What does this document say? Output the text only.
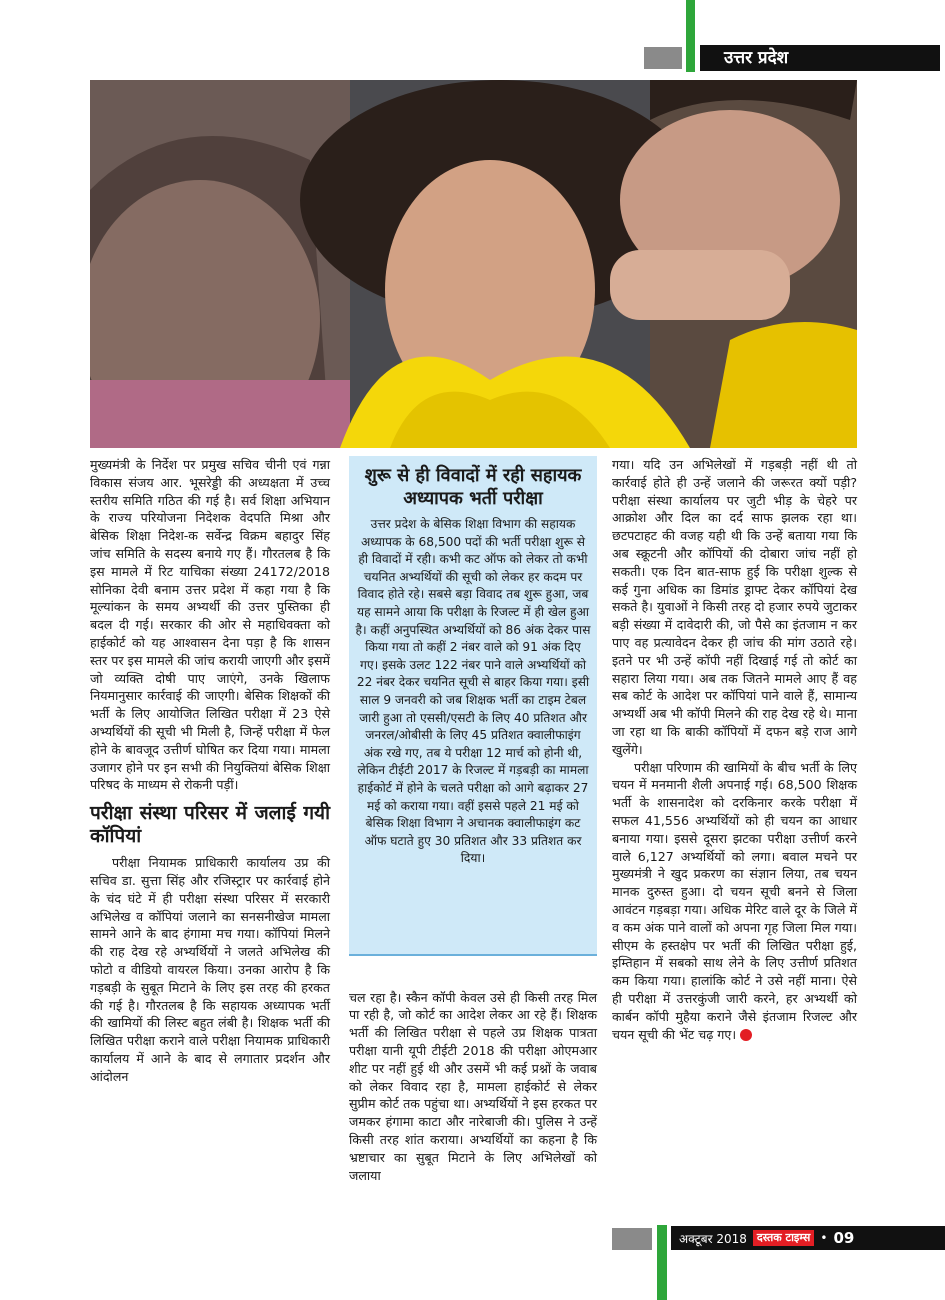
उत्तर प्रदेश

मुख्यमंत्री के निर्देश पर प्रमुख सचिव चीनी एवं गन्ना विकास संजय आर. भूसरेड्डी की अध्यक्षता में उच्च स्तरीय समिति गठित की गई है। सर्व शिक्षा अभियान के राज्य परियोजना निदेशक वेदपति मिश्रा और बेसिक शिक्षा निदेश-क सर्वेन्द्र विक्रम बहादुर सिंह जांच समिति के सदस्य बनाये गए हैं। गौरतलब है कि इस मामले में रिट याचिका संख्या 24172/2018 सोनिका देवी बनाम उत्तर प्रदेश में कहा गया है कि मूल्यांकन के समय अभ्यर्थी की उत्तर पुस्तिका ही बदल दी गई। सरकार की ओर से महाधिवक्ता को हाईकोर्ट को यह आश्वासन देना पड़ा है कि शासन स्तर पर इस मामले की जांच करायी जाएगी और इसमें जो व्यक्ति दोषी पाए जाएंगे, उनके खिलाफ नियमानुसार कार्रवाई की जाएगी। बेसिक शिक्षकों की भर्ती के लिए आयोजित लिखित परीक्षा में 23 ऐसे अभ्यर्थियों की सूची भी मिली है, जिन्हें परीक्षा में फेल होने के बावजूद उत्तीर्ण घोषित कर दिया गया। मामला उजागर होने पर इन सभी की नियुक्तियां बेसिक शिक्षा परिषद के माध्यम से रोकनी पड़ीं।

परीक्षा संस्था परिसर में जलाई गयी कॉपियां

परीक्षा नियामक प्राधिकारी कार्यालय उप्र की सचिव डा. सुत्ता सिंह और रजिस्ट्रार पर कार्रवाई होने के चंद घंटे में ही परीक्षा संस्था परिसर में सरकारी अभिलेख व कॉपियां जलाने का सनसनीखेज मामला सामने आने के बाद हंगामा मच गया। कॉपियां मिलने की राह देख रहे अभ्यर्थियों ने जलते अभिलेख की फोटो व वीडियो वायरल किया। उनका आरोप है कि गड़बड़ी के सुबूत मिटाने के लिए इस तरह की हरकत की गई है। गौरतलब है कि सहायक अध्यापक भर्ती की खामियों की लिस्ट बहुत लंबी है। शिक्षक भर्ती की लिखित परीक्षा कराने वाले परीक्षा नियामक प्राधिकारी कार्यालय में आने के बाद से लगातार प्रदर्शन और आंदोलन

शुरू से ही विवादों में रही सहायक अध्यापक भर्ती परीक्षा
उत्तर प्रदेश के बेसिक शिक्षा विभाग की सहायक अध्यापक के 68,500 पदों की भर्ती परीक्षा शुरू से ही विवादों में रही। कभी कट ऑफ को लेकर तो कभी चयनित अभ्यर्थियों की सूची को लेकर हर कदम पर विवाद होते रहे। सबसे बड़ा विवाद तब शुरू हुआ, जब यह सामने आया कि परीक्षा के रिजल्ट में ही खेल हुआ है। कहीं अनुपस्थित अभ्यर्थियों को 86 अंक देकर पास किया गया तो कहीं 2 नंबर वाले को 91 अंक दिए गए। इसके उलट 122 नंबर पाने वाले अभ्यर्थियों को 22 नंबर देकर चयनित सूची से बाहर किया गया। इसी साल 9 जनवरी को जब शिक्षक भर्ती का टाइम टेबल जारी हुआ तो एससी/एसटी के लिए 40 प्रतिशत और जनरल/ओबीसी के लिए 45 प्रतिशत क्वालीफाइंग अंक रखे गए, तब ये परीक्षा 12 मार्च को होनी थी, लेकिन टीईटी 2017 के रिजल्ट में गड़बड़ी का मामला हाईकोर्ट में होने के चलते परीक्षा को आगे बढ़ाकर 27 मई को कराया गया। वहीं इससे पहले 21 मई को बेसिक शिक्षा विभाग ने अचानक क्वालीफाइंग कट ऑफ घटाते हुए 30 प्रतिशत और 33 प्रतिशत कर दिया।

चल रहा है। स्कैन कॉपी केवल उसे ही किसी तरह मिल पा रही है, जो कोर्ट का आदेश लेकर आ रहे हैं। शिक्षक भर्ती की लिखित परीक्षा से पहले उप्र शिक्षक पात्रता परीक्षा यानी यूपी टीईटी 2018 की परीक्षा ओएमआर शीट पर नहीं हुई थी और उसमें भी कई प्रश्नों के जवाब को लेकर विवाद रहा है, मामला हाईकोर्ट से लेकर सुप्रीम कोर्ट तक पहुंचा था। अभ्यर्थियों ने इस हरकत पर जमकर हंगामा काटा और नारेबाजी की। पुलिस ने उन्हें किसी तरह शांत कराया। अभ्यर्थियों का कहना है कि भ्रष्टाचार का सुबूत मिटाने के लिए अभिलेखों को जलाया

गया। यदि उन अभिलेखों में गड़बड़ी नहीं थी तो कार्रवाई होते ही उन्हें जलाने की जरूरत क्यों पड़ी? परीक्षा संस्था कार्यालय पर जुटी भीड़ के चेहरे पर आक्रोश और दिल का दर्द साफ झलक रहा था। छटपटाहट की वजह यही थी कि उन्हें बताया गया कि अब स्क्रूटनी और कॉपियों की दोबारा जांच नहीं हो सकती। एक दिन बात-साफ हुई कि परीक्षा शुल्क से कई गुना अधिक का डिमांड ड्राफ्ट देकर कॉपियां देख सकते है। युवाओं ने किसी तरह दो हजार रुपये जुटाकर बड़ी संख्या में दावेदारी की, जो पैसे का इंतजाम न कर पाए वह प्रत्यावेदन देकर ही जांच की मांग उठाते रहे। इतने पर भी उन्हें कॉपी नहीं दिखाई गई तो कोर्ट का सहारा लिया गया। अब तक जितने मामले आए हैं वह सब कोर्ट के आदेश पर कॉपियां पाने वाले हैं, सामान्य अभ्यर्थी अब भी कॉपी मिलने की राह देख रहे थे। माना जा रहा था कि बाकी कॉपियों में दफन बड़े राज आगे खुलेंगे।

परीक्षा परिणाम की खामियों के बीच भर्ती के लिए चयन में मनमानी शैली अपनाई गई। 68,500 शिक्षक भर्ती के शासनादेश को दरकिनार करके परीक्षा में सफल 41,556 अभ्यर्थियों को ही चयन का आधार बनाया गया। इससे दूसरा झटका परीक्षा उत्तीर्ण करने वाले 6,127 अभ्यर्थियों को लगा। बवाल मचने पर मुख्यमंत्री ने खुद प्रकरण का संज्ञान लिया, तब चयन मानक दुरुस्त हुआ। दो चयन सूची बनने से जिला आवंटन गड़बड़ा गया। अधिक मेरिट वाले दूर के जिले में व कम अंक पाने वालों को अपना गृह जिला मिल गया। सीएम के हस्तक्षेप पर भर्ती की लिखित परीक्षा हुई, इम्तिहान में सबको साथ लेने के लिए उत्तीर्ण प्रतिशत कम किया गया। हालांकि कोर्ट ने उसे नहीं माना। ऐसे ही परीक्षा में उत्तरकुंजी जारी करने, हर अभ्यर्थी को कार्बन कॉपी मुहैया कराने जैसे इंतजाम रिजल्ट और चयन सूची की भेंट चढ़ गए।

अक्टूबर 2018 दस्तक टाइम्स • 09
